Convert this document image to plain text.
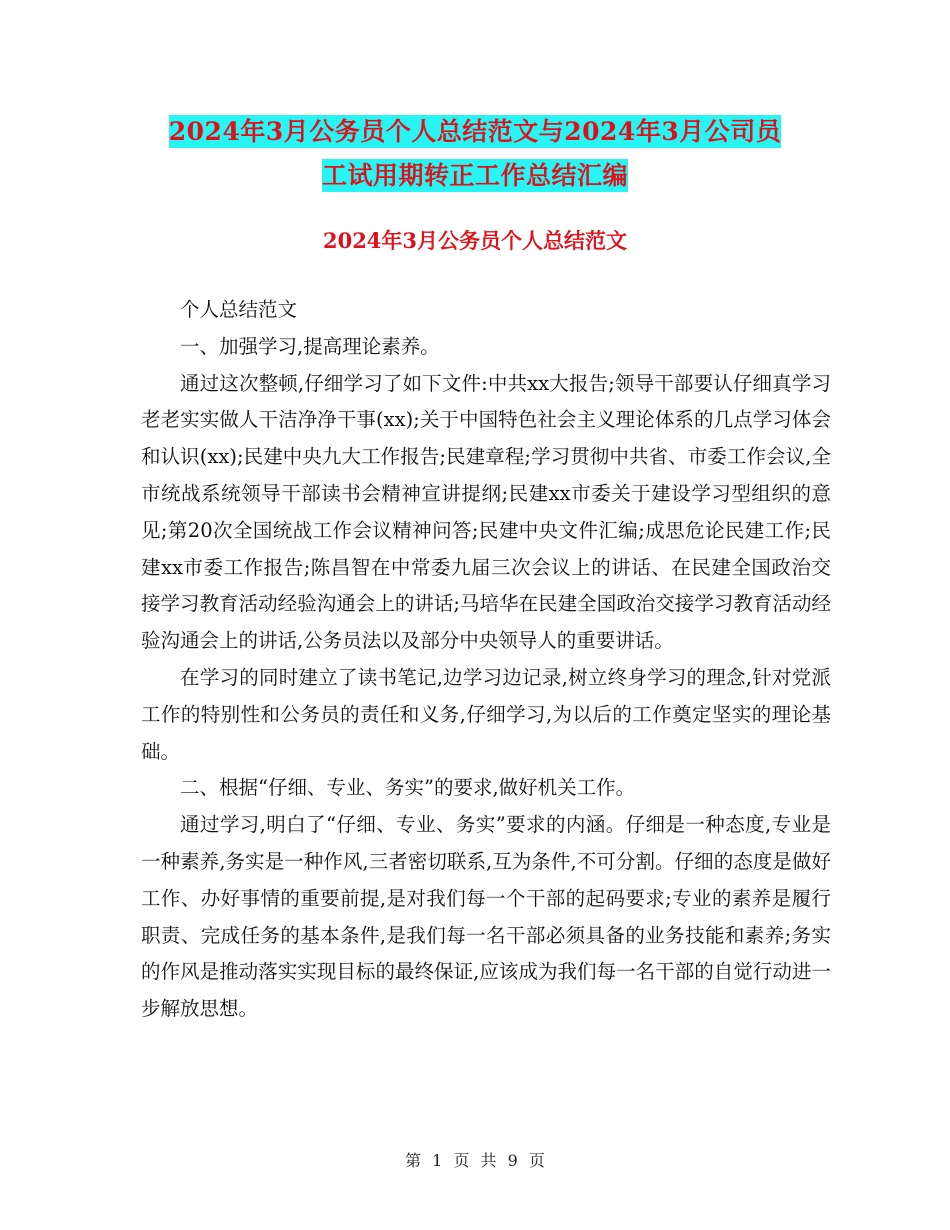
2024年3月公务员个人总结范文与2024年3月公司员
工试用期转正工作总结汇编
2024年3月公务员个人总结范文

个人总结范文

一、加强学习,提高理论素养。

通过这次整顿,仔细学习了如下文件:中共xx大报告;领导干部要认仔细真学习老老实实做人干洁净净干事(xx);关于中国特色社会主义理论体系的几点学习体会和认识(xx);民建中央九大工作报告;民建章程;学习贯彻中共省、市委工作会议,全市统战系统领导干部读书会精神宣讲提纲;民建xx市委关于建设学习型组织的意见;第20次全国统战工作会议精神问答;民建中央文件汇编;成思危论民建工作;民建xx市委工作报告;陈昌智在中常委九届三次会议上的讲话、在民建全国政治交接学习教育活动经验沟通会上的讲话;马培华在民建全国政治交接学习教育活动经验沟通会上的讲话,公务员法以及部分中央领导人的重要讲话。

在学习的同时建立了读书笔记,边学习边记录,树立终身学习的理念,针对党派工作的特别性和公务员的责任和义务,仔细学习,为以后的工作奠定坚实的理论基础。

二、根据“仔细、专业、务实”的要求,做好机关工作。

通过学习,明白了“仔细、专业、务实”要求的内涵。仔细是一种态度,专业是一种素养,务实是一种作风,三者密切联系,互为条件,不可分割。仔细的态度是做好工作、办好事情的重要前提,是对我们每一个干部的起码要求;专业的素养是履行职责、完成任务的基本条件,是我们每一名干部必须具备的业务技能和素养;务实的作风是推动落实实现目标的最终保证,应该成为我们每一名干部的自觉行动进一步解放思想。

第 1 页 共 9 页
